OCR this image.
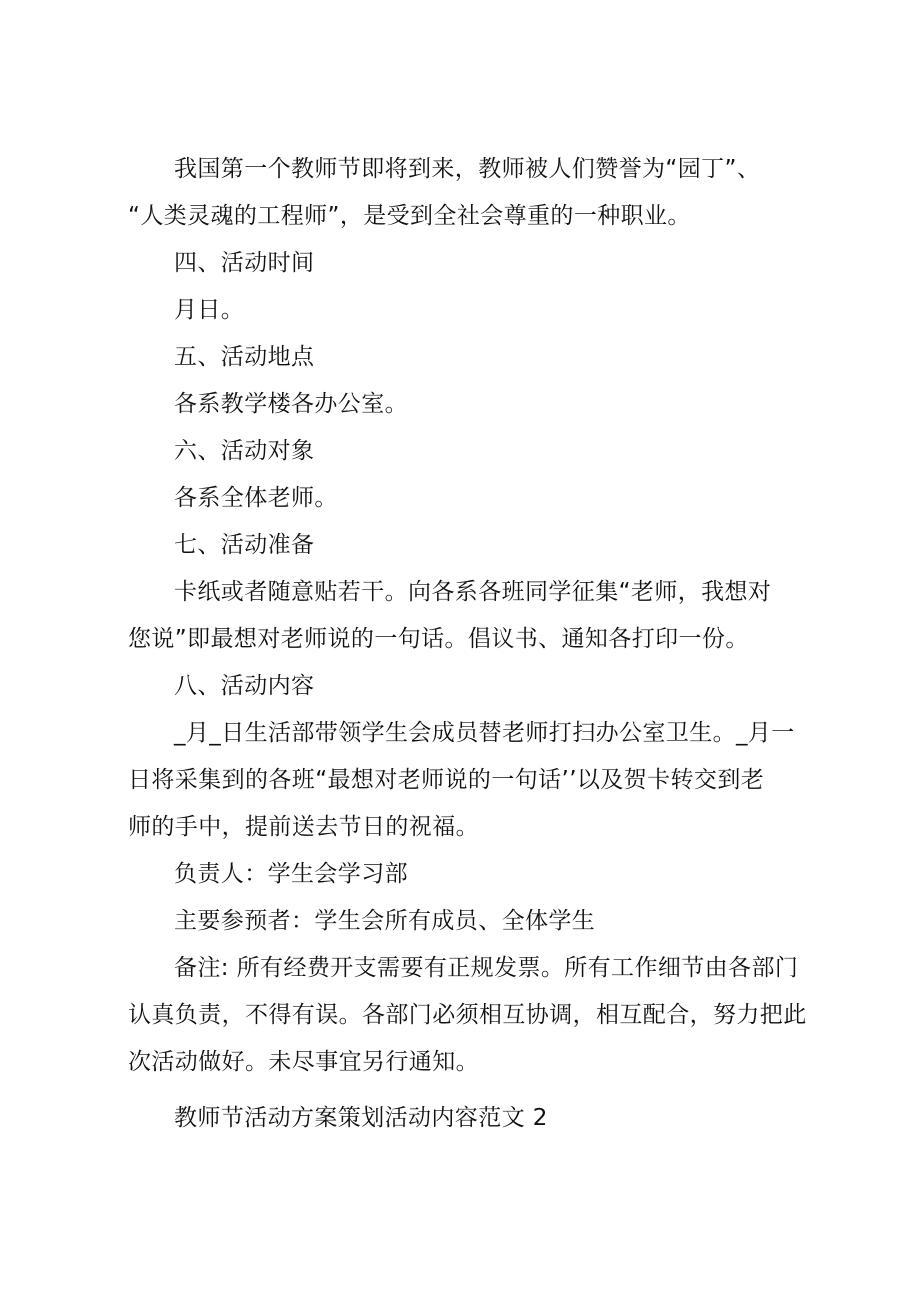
我国第一个教师节即将到来，教师被人们赞誉为“园丁”、
“人类灵魂的工程师”，是受到全社会尊重的一种职业。

四、活动时间

月日。

五、活动地点

各系教学楼各办公室。

六、活动对象

各系全体老师。

七、活动准备

卡纸或者随意贴若干。向各系各班同学征集“老师，我想对
您说”即最想对老师说的一句话。倡议书、通知各打印一份。

八、活动内容

_月_日生活部带领学生会成员替老师打扫办公室卫生。_月一
日将采集到的各班“最想对老师说的一句话’’以及贺卡转交到老
师的手中，提前送去节日的祝福。

负责人：学生会学习部

主要参预者：学生会所有成员、全体学生

备注: 所有经费开支需要有正规发票。所有工作细节由各部门
认真负责，不得有误。各部门必须相互协调，相互配合，努力把此
次活动做好。未尽事宜另行通知。

教师节活动方案策划活动内容范文 2
